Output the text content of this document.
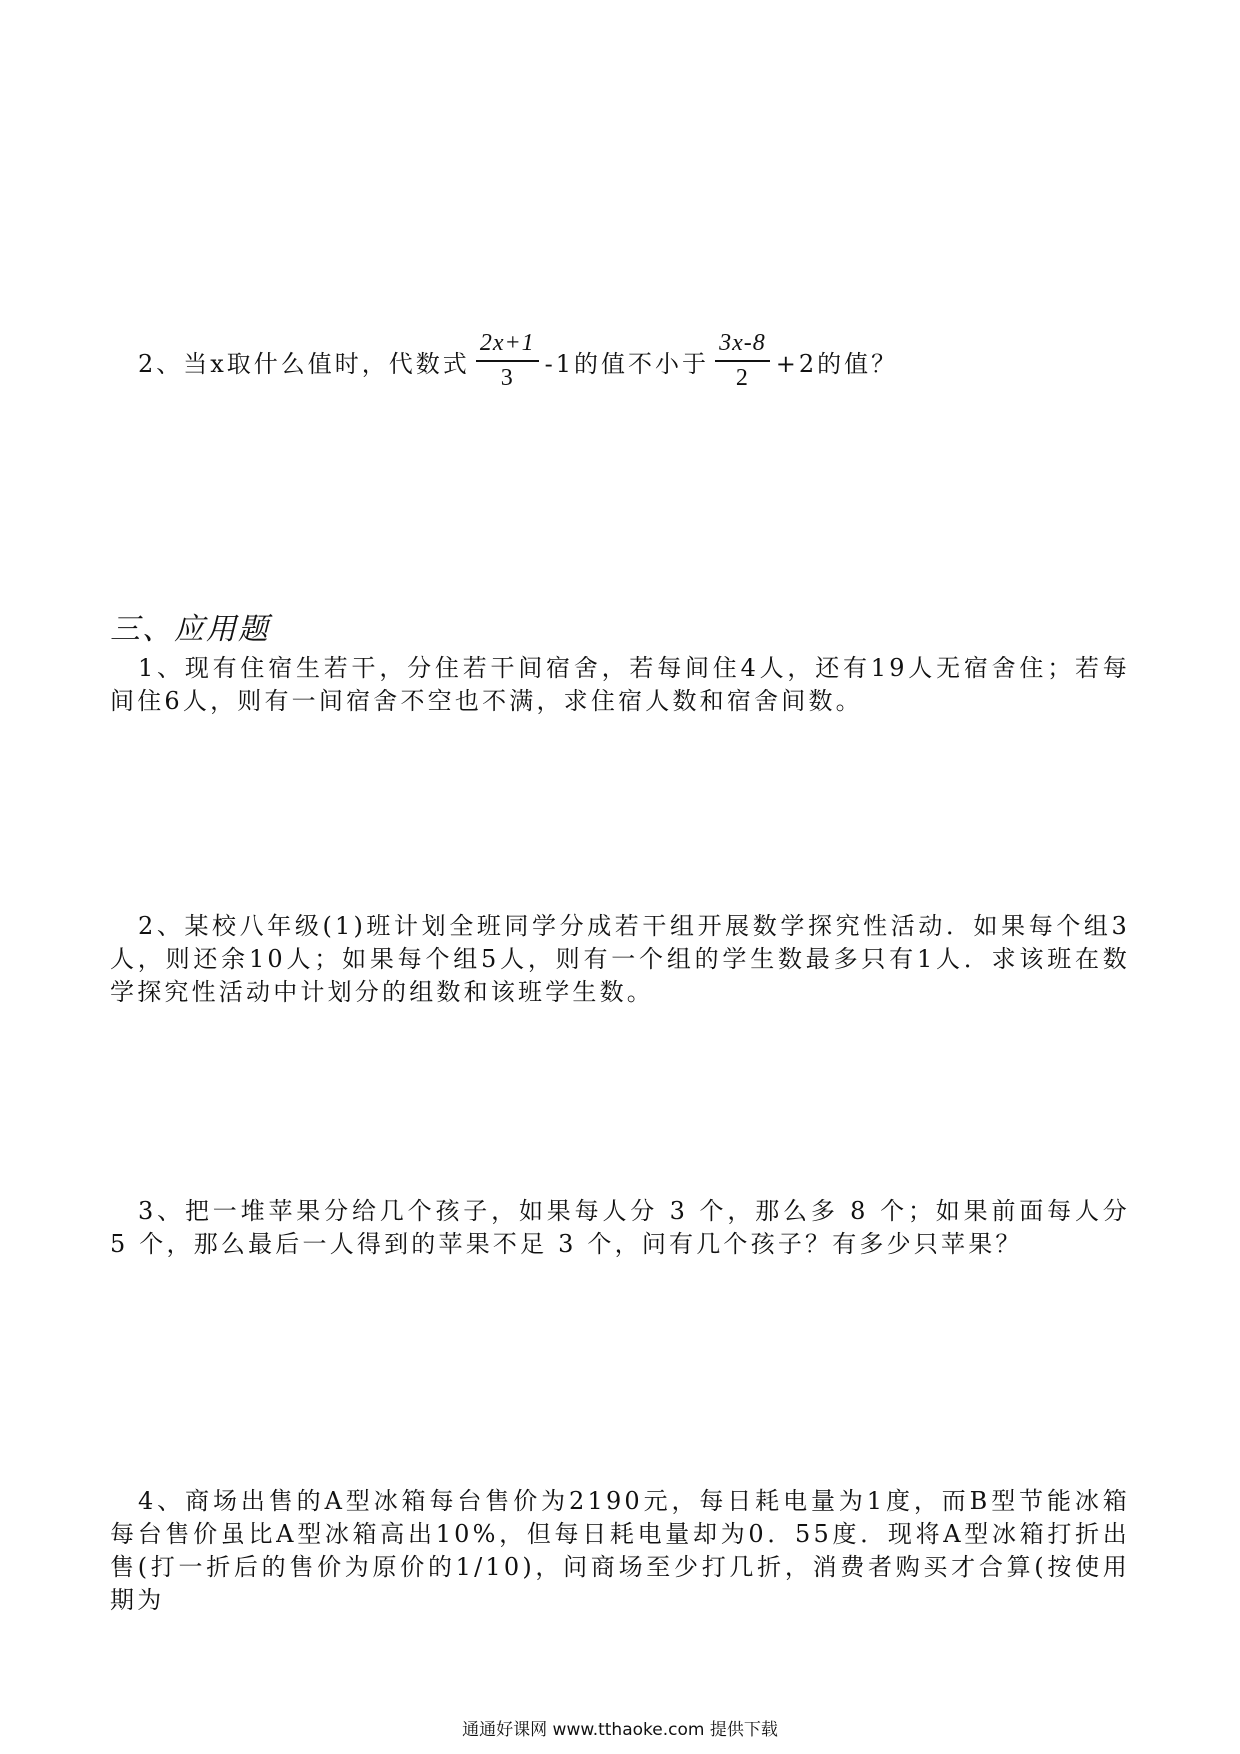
2、当x取什么值时，代数式 $\frac{2x+1}{3} -1$的值不小于 $\frac{3x-8}{2} +2$的值？
三、应用题
1、现有住宿生若干，分住若干间宿舍，若每间住4人，还有19人无宿舍住；若每间住6人，则有一间宿舍不空也不满，求住宿人数和宿舍间数。
2、某校八年级(1)班计划全班同学分成若干组开展数学探究性活动．如果每个组3人，则还余10人；如果每个组5人，则有一个组的学生数最多只有1人．求该班在数学探究性活动中计划分的组数和该班学生数。
3、把一堆苹果分给几个孩子，如果每人分 3 个，那么多 8 个；如果前面每人分 5 个，那么最后一人得到的苹果不足 3 个，问有几个孩子？有多少只苹果？
4、商场出售的A型冰箱每台售价为2190元，每日耗电量为1度，而B型节能冰箱每台售价虽比A型冰箱高出10%，但每日耗电量却为0．55度．现将A型冰箱打折出售(打一折后的售价为原价的1/10)，问商场至少打几折，消费者购买才合算(按使用期为
通通好课网 www.tthaoke.com 提供下载
